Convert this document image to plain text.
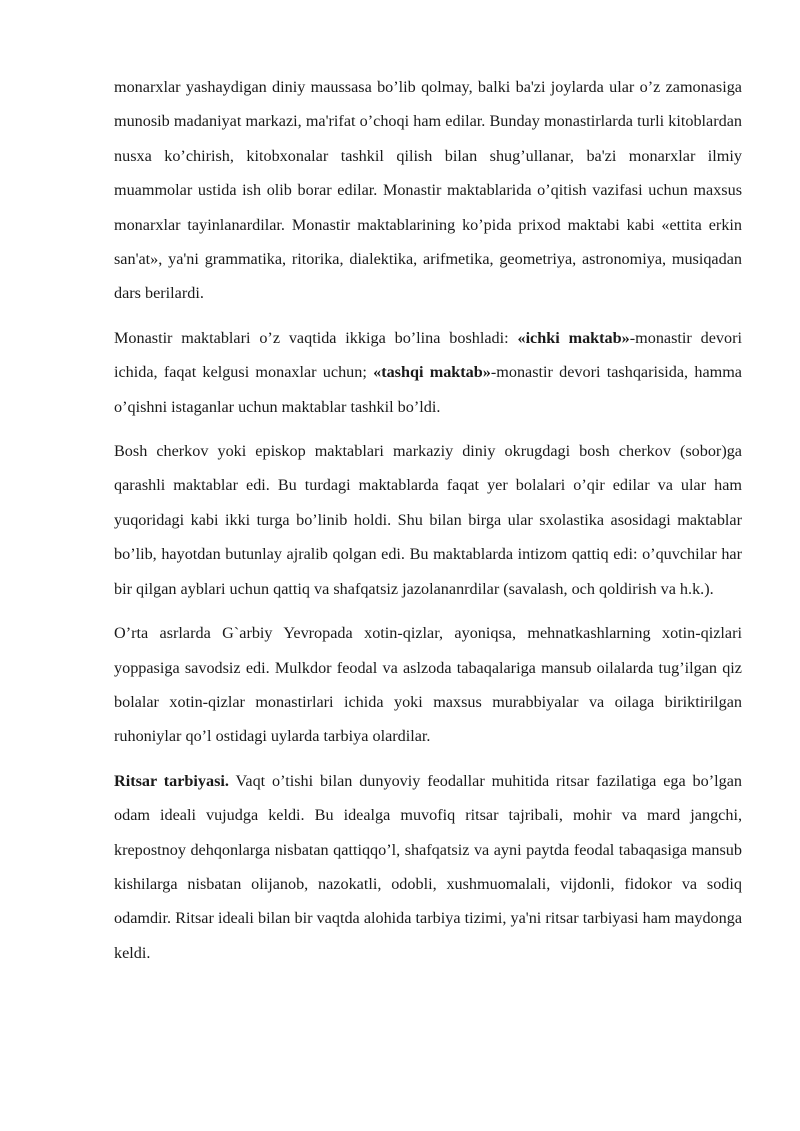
monarxlar yashaydigan diniy maussasa bo’lib qolmay, balki ba'zi joylarda ular o’z zamonasiga munosib madaniyat markazi, ma'rifat o’choqi ham edilar. Bunday monastirlarda turli kitoblardan nusxa ko’chirish, kitobxonalar tashkil qilish bilan shug’ullanar, ba'zi monarxlar ilmiy muammolar ustida ish olib borar edilar. Monastir maktablarida o’qitish vazifasi uchun maxsus monarxlar tayinlanardilar. Monastir maktablarining ko’pida prixod maktabi kabi «ettita erkin san'at», ya'ni grammatika, ritorika, dialektika, arifmetika, geometriya, astronomiya, musiqadan dars berilardi.

Monastir maktablari o’z vaqtida ikkiga bo’lina boshladi: «ichki maktab»-monastir devori ichida, faqat kelgusi monaxlar uchun; «tashqi maktab»-monastir devori tashqarisida, hamma o’qishni istaganlar uchun maktablar tashkil bo’ldi.

Bosh cherkov yoki episkop maktablari markaziy diniy okrugdagi bosh cherkov (sobor)ga qarashli maktablar edi. Bu turdagi maktablarda faqat yer bolalari o’qir edilar va ular ham yuqoridagi kabi ikki turga bo’linib holdi. Shu bilan birga ular sxolastika asosidagi maktablar bo’lib, hayotdan butunlay ajralib qolgan edi. Bu maktablarda intizom qattiq edi: o’quvchilar har bir qilgan ayblari uchun qattiq va shafqatsiz jazolananrdilar (savalash, och qoldirish va h.k.).

O’rta asrlarda G`arbiy Yevropada xotin-qizlar, ayoniqsa, mehnatkashlarning xotin-qizlari yoppasiga savodsiz edi. Mulkdor feodal va aslzoda tabaqalariga mansub oilalarda tug’ilgan qiz bolalar xotin-qizlar monastirlari ichida yoki maxsus murabbiyalar va oilaga biriktirilgan ruhoniylar qo’l ostidagi uylarda tarbiya olardilar.

Ritsar tarbiyasi. Vaqt o’tishi bilan dunyoviy feodallar muhitida ritsar fazilatiga ega bo’lgan odam ideali vujudga keldi. Bu idealga muvofiq ritsar tajribali, mohir va mard jangchi, krepostnoy dehqonlarga nisbatan qattiqqo’l, shafqatsiz va ayni paytda feodal tabaqasiga mansub kishilarga nisbatan olijanob, nazokatli, odobli, xushmuomalali, vijdonli, fidokor va sodiq odamdir. Ritsar ideali bilan bir vaqtda alohida tarbiya tizimi, ya'ni ritsar tarbiyasi ham maydonga keldi.
